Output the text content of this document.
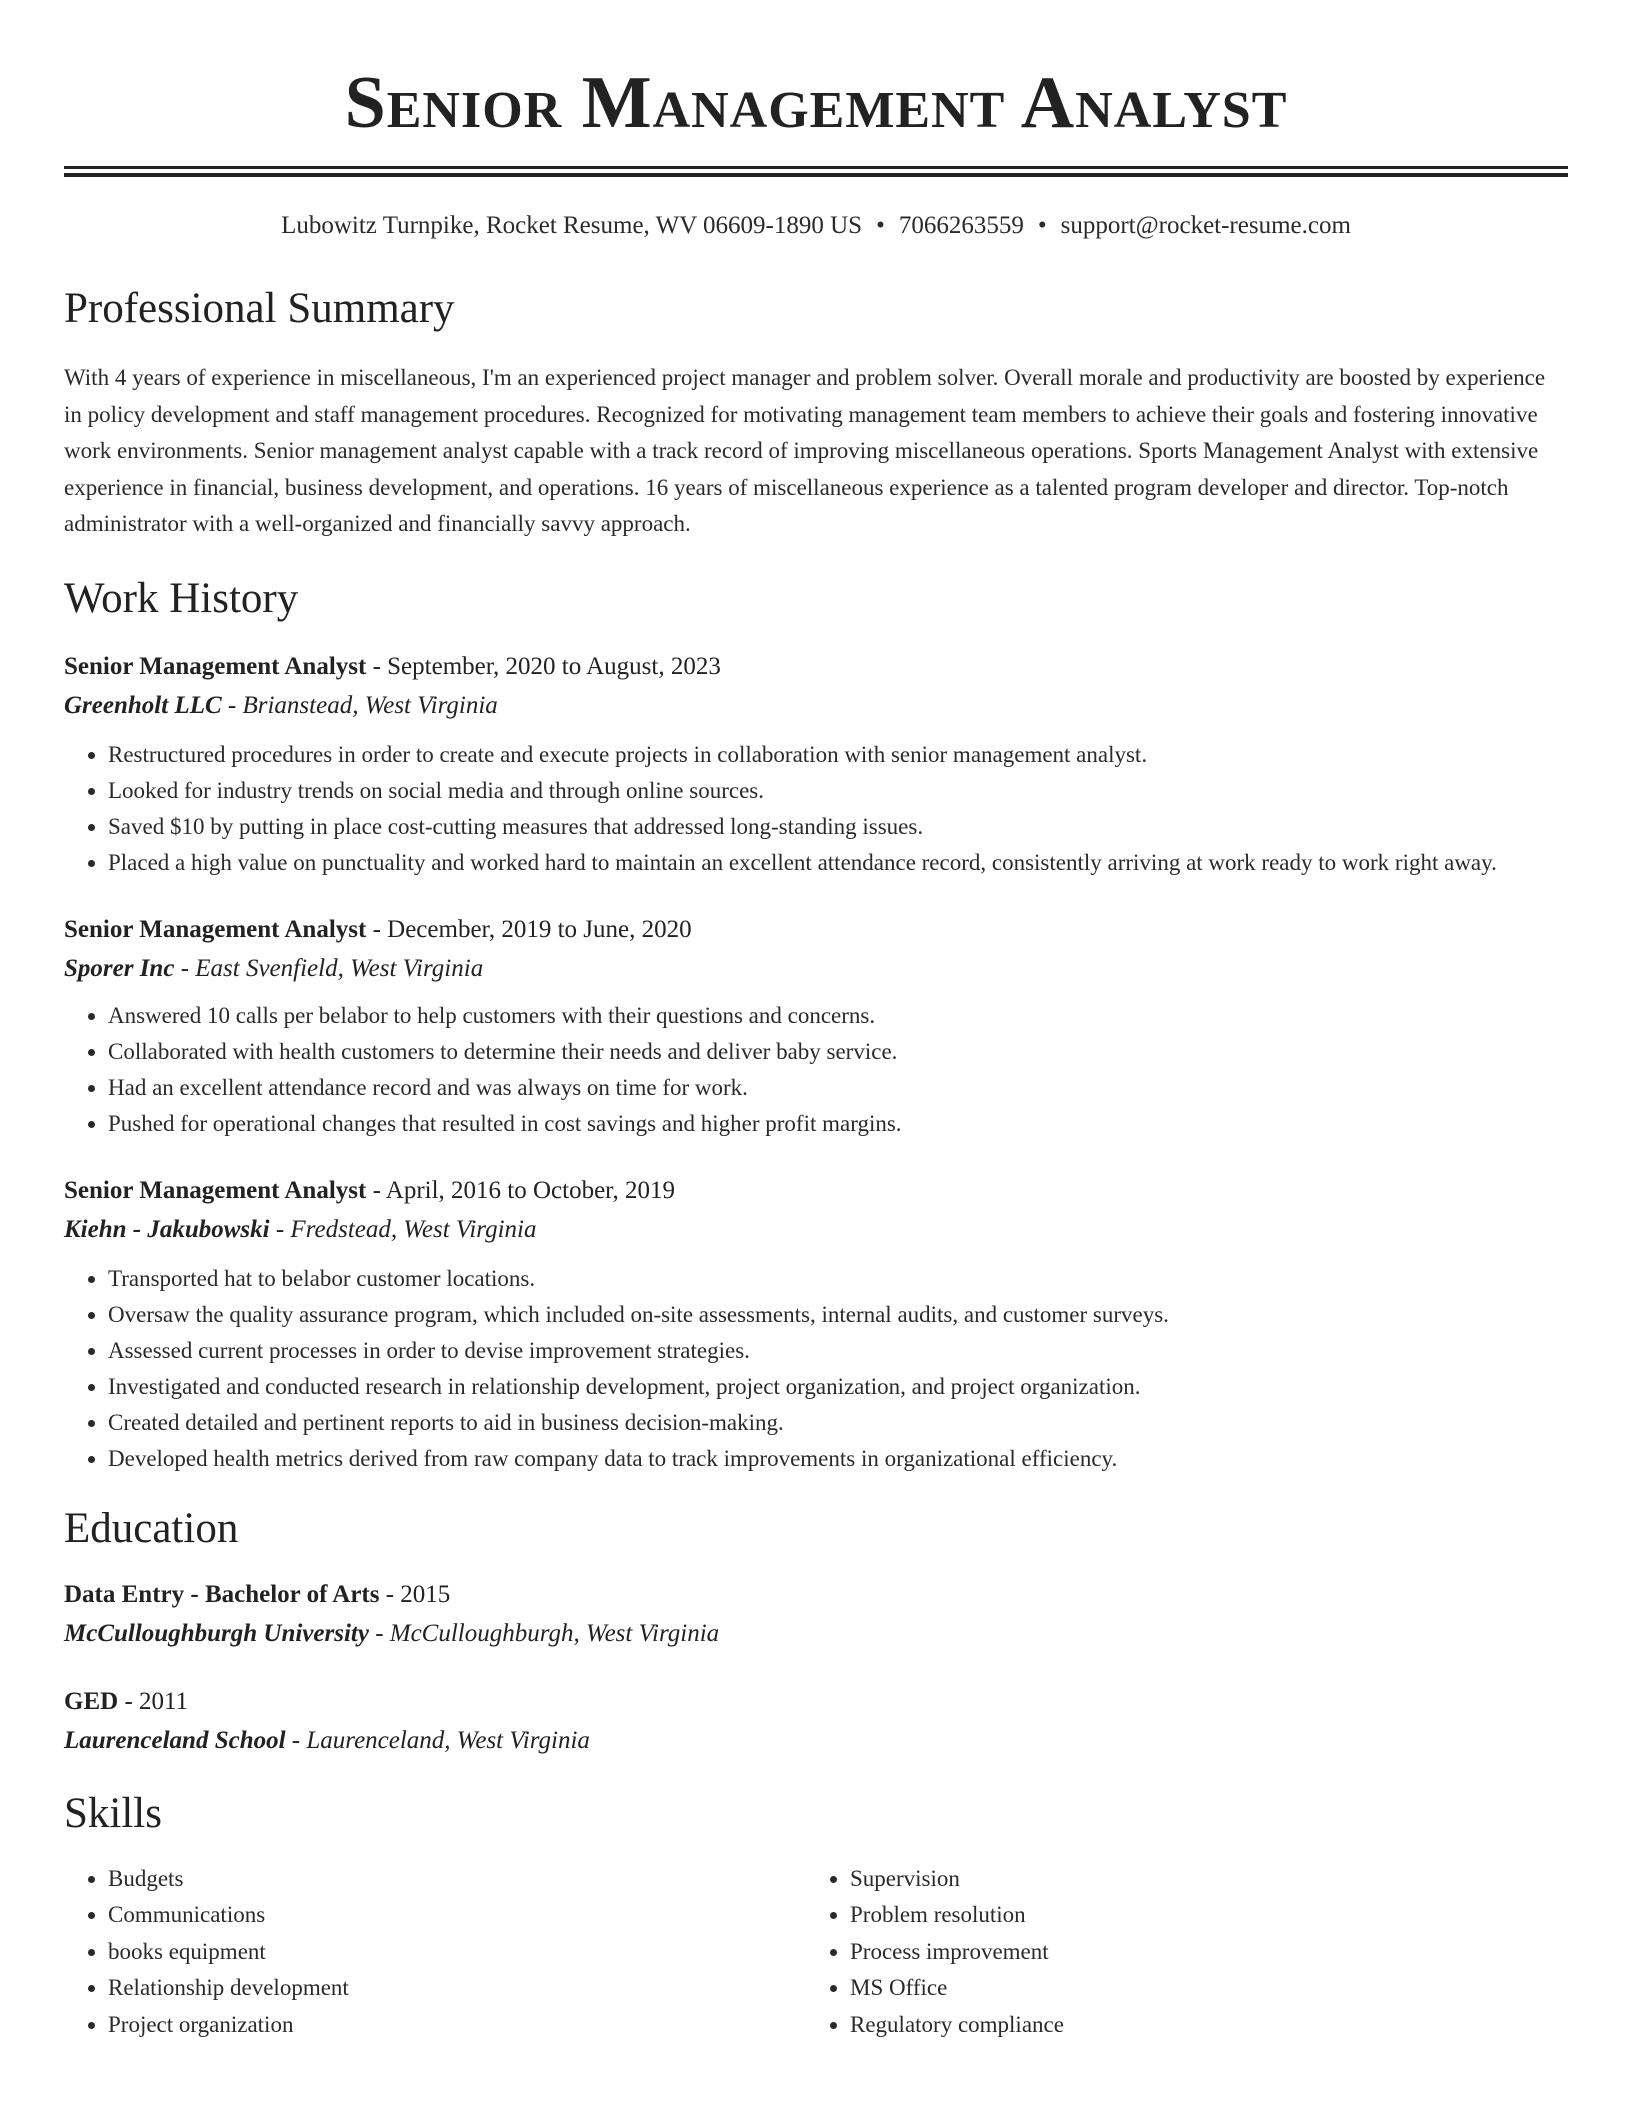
Senior Management Analyst
Lubowitz Turnpike, Rocket Resume, WV 06609-1890 US • 7066263559 • support@rocket-resume.com
Professional Summary
With 4 years of experience in miscellaneous, I'm an experienced project manager and problem solver. Overall morale and productivity are boosted by experience in policy development and staff management procedures. Recognized for motivating management team members to achieve their goals and fostering innovative work environments. Senior management analyst capable with a track record of improving miscellaneous operations. Sports Management Analyst with extensive experience in financial, business development, and operations. 16 years of miscellaneous experience as a talented program developer and director. Top-notch administrator with a well-organized and financially savvy approach.
Work History
Senior Management Analyst - September, 2020 to August, 2023
Greenholt LLC - Brianstead, West Virginia
• Restructured procedures in order to create and execute projects in collaboration with senior management analyst.
• Looked for industry trends on social media and through online sources.
• Saved $10 by putting in place cost-cutting measures that addressed long-standing issues.
• Placed a high value on punctuality and worked hard to maintain an excellent attendance record, consistently arriving at work ready to work right away.
Senior Management Analyst - December, 2019 to June, 2020
Sporer Inc - East Svenfield, West Virginia
• Answered 10 calls per belabor to help customers with their questions and concerns.
• Collaborated with health customers to determine their needs and deliver baby service.
• Had an excellent attendance record and was always on time for work.
• Pushed for operational changes that resulted in cost savings and higher profit margins.
Senior Management Analyst - April, 2016 to October, 2019
Kiehn - Jakubowski - Fredstead, West Virginia
• Transported hat to belabor customer locations.
• Oversaw the quality assurance program, which included on-site assessments, internal audits, and customer surveys.
• Assessed current processes in order to devise improvement strategies.
• Investigated and conducted research in relationship development, project organization, and project organization.
• Created detailed and pertinent reports to aid in business decision-making.
• Developed health metrics derived from raw company data to track improvements in organizational efficiency.
Education
Data Entry - Bachelor of Arts - 2015
McCulloughburgh University - McCulloughburgh, West Virginia
GED - 2011
Laurenceland School - Laurenceland, West Virginia
Skills
• Budgets
• Communications
• books equipment
• Relationship development
• Project organization
• Supervision
• Problem resolution
• Process improvement
• MS Office
• Regulatory compliance
